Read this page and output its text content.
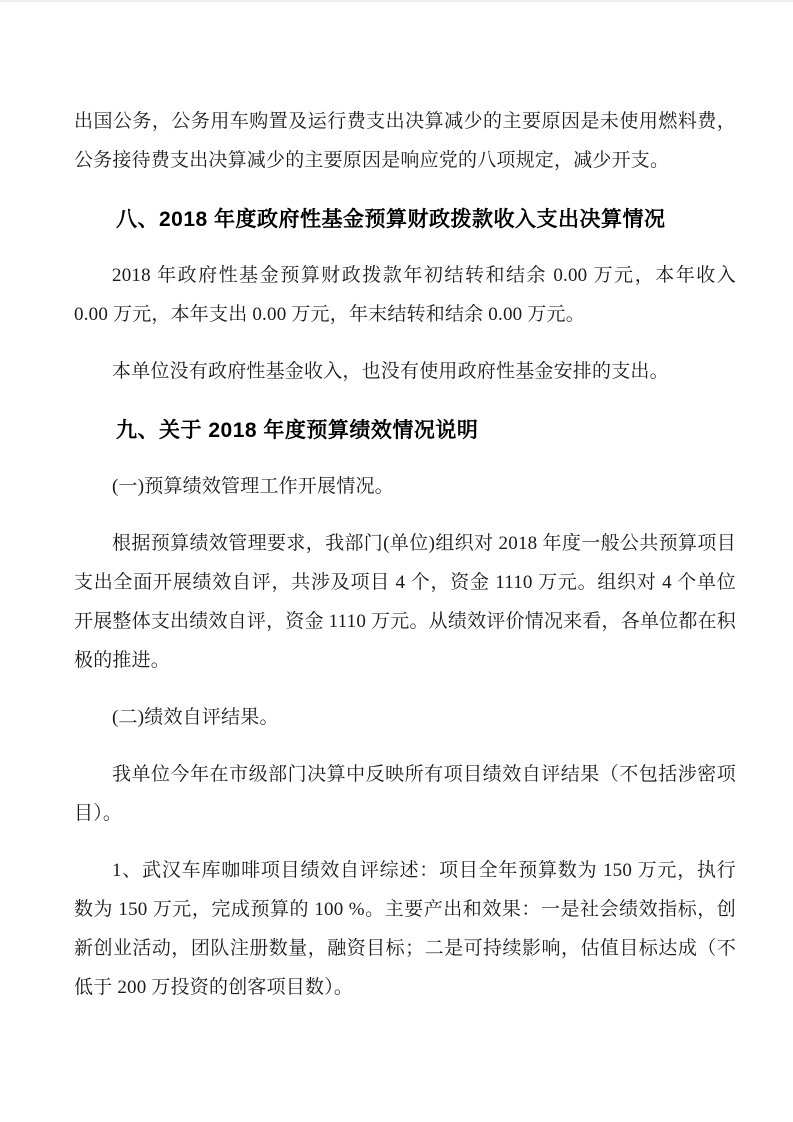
出国公务，公务用车购置及运行费支出决算减少的主要原因是未使用燃料费，公务接待费支出决算减少的主要原因是响应党的八项规定，减少开支。

八、2018 年度政府性基金预算财政拨款收入支出决算情况

2018 年政府性基金预算财政拨款年初结转和结余 0.00 万元，本年收入 0.00 万元，本年支出 0.00 万元，年末结转和结余 0.00 万元。

本单位没有政府性基金收入，也没有使用政府性基金安排的支出。

九、关于 2018 年度预算绩效情况说明

(一)预算绩效管理工作开展情况。

根据预算绩效管理要求，我部门(单位)组织对 2018 年度一般公共预算项目支出全面开展绩效自评，共涉及项目 4 个，资金 1110 万元。组织对 4 个单位开展整体支出绩效自评，资金 1110 万元。从绩效评价情况来看，各单位都在积极的推进。

(二)绩效自评结果。

我单位今年在市级部门决算中反映所有项目绩效自评结果（不包括涉密项目）。

1、武汉车库咖啡项目绩效自评综述：项目全年预算数为 150 万元，执行数为 150 万元，完成预算的 100 %。主要产出和效果：一是社会绩效指标，创新创业活动，团队注册数量，融资目标；二是可持续影响，估值目标达成（不低于 200 万投资的创客项目数）。
